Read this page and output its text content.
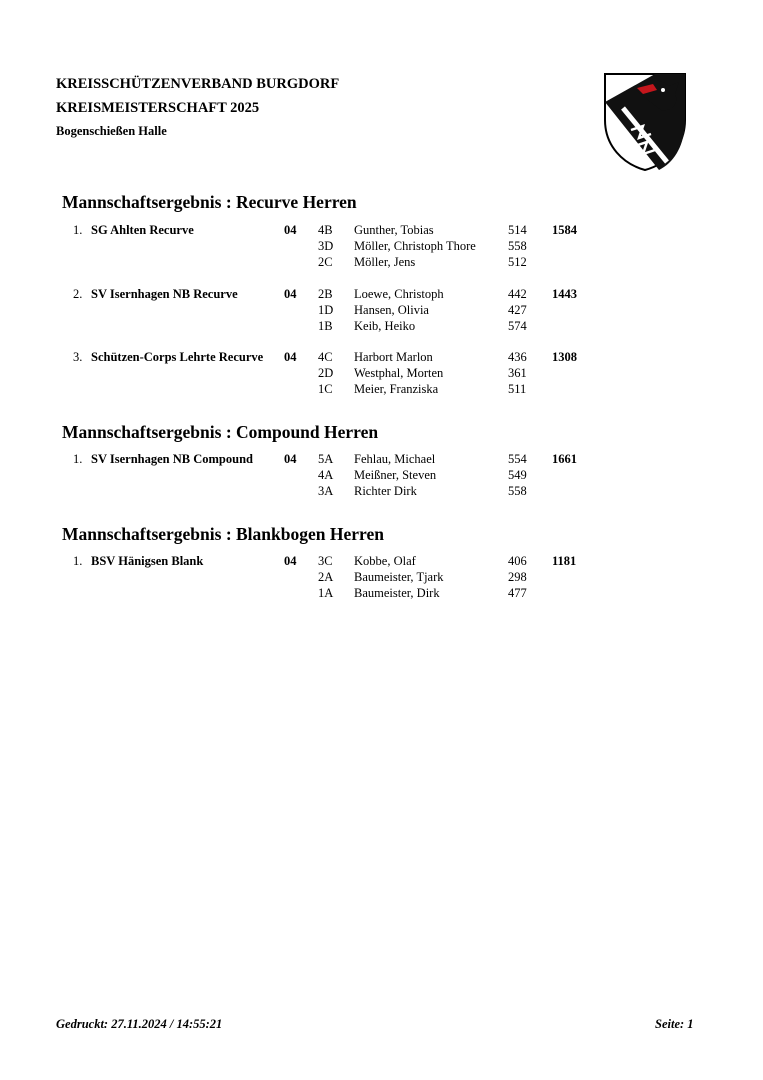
KREISSCHÜTZENVERBAND BURGDORF
KREISMEISTERSCHAFT 2025
Bogenschießen Halle
Mannschaftsergebnis : Recurve Herren
1. SG Ahlten Recurve	04	1584
4B Gunther, Tobias	514
3D Möller, Christoph Thore	558
2C Möller, Jens	512
2. SV Isernhagen NB Recurve	04	1443
2B Loewe, Christoph	442
1D Hansen, Olivia	427
1B Keib, Heiko	574
3. Schützen-Corps Lehrte Recurve 04	1308
4C Harbort Marlon	436
2D Westphal, Morten	361
1C Meier, Franziska	511
Mannschaftsergebnis : Compound Herren
1. SV Isernhagen NB Compound 04	1661
5A Fehlau, Michael	554
4A Meißner, Steven	549
3A Richter Dirk	558
Mannschaftsergebnis : Blankbogen Herren
1. BSV Hänigsen Blank	04	1181
3C Kobbe, Olaf	406
2A Baumeister, Tjark	298
1A Baumeister, Dirk	477
Gedruckt: 27.11.2024 / 14:55:21	Seite: 1
